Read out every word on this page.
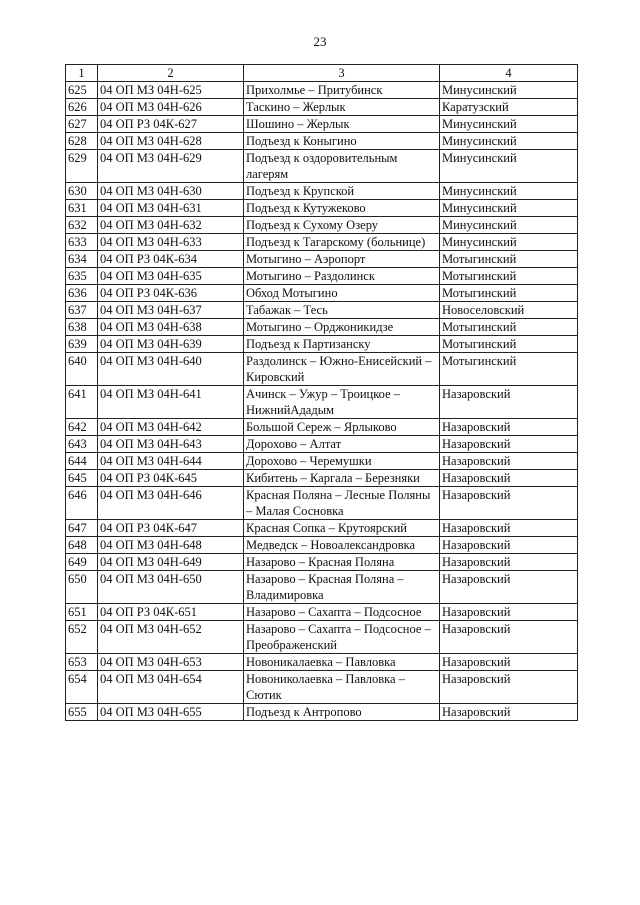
23
1	2	3	4
625	04 ОП МЗ 04Н-625	Прихолмье – Притубинск	Минусинский
626	04 ОП МЗ 04Н-626	Таскино – Жерлык	Каратузский
627	04 ОП РЗ 04К-627	Шошино – Жерлык	Минусинский
628	04 ОП МЗ 04Н-628	Подъезд к Коныгино	Минусинский
629	04 ОП МЗ 04Н-629	Подъезд к оздоровительным лагерям	Минусинский
630	04 ОП МЗ 04Н-630	Подъезд к Крупской	Минусинский
631	04 ОП МЗ 04Н-631	Подъезд к Кутужеково	Минусинский
632	04 ОП МЗ 04Н-632	Подъезд к Сухому Озеру	Минусинский
633	04 ОП МЗ 04Н-633	Подъезд к Тагарскому (больнице)	Минусинский
634	04 ОП РЗ 04К-634	Мотыгино – Аэропорт	Мотыгинский
635	04 ОП МЗ 04Н-635	Мотыгино – Раздолинск	Мотыгинский
636	04 ОП РЗ 04К-636	Обход Мотыгино	Мотыгинский
637	04 ОП МЗ 04Н-637	Табажак – Тесь	Новоселовский
638	04 ОП МЗ 04Н-638	Мотыгино – Орджоникидзе	Мотыгинский
639	04 ОП МЗ 04Н-639	Подъезд к Партизанску	Мотыгинский
640	04 ОП МЗ 04Н-640	Раздолинск – Южно-Енисейский – Кировский	Мотыгинский
641	04 ОП МЗ 04Н-641	Ачинск – Ужур – Троицкое – НижнийАдадым	Назаровский
642	04 ОП МЗ 04Н-642	Большой Сереж – Ярлыково	Назаровский
643	04 ОП МЗ 04Н-643	Дорохово – Алтат	Назаровский
644	04 ОП МЗ 04Н-644	Дорохово – Черемушки	Назаровский
645	04 ОП РЗ 04К-645	Кибитень – Каргала – Березняки	Назаровский
646	04 ОП МЗ 04Н-646	Красная Поляна – Лесные Поляны – Малая Сосновка	Назаровский
647	04 ОП РЗ 04К-647	Красная Сопка – Крутоярский	Назаровский
648	04 ОП МЗ 04Н-648	Медведск – Новоалександровка	Назаровский
649	04 ОП МЗ 04Н-649	Назарово – Красная Поляна	Назаровский
650	04 ОП МЗ 04Н-650	Назарово – Красная Поляна – Владимировка	Назаровский
651	04 ОП РЗ 04К-651	Назарово – Сахапта – Подсосное	Назаровский
652	04 ОП МЗ 04Н-652	Назарово – Сахапта – Подсосное – Преображенский	Назаровский
653	04 ОП МЗ 04Н-653	Новоникалаевка – Павловка	Назаровский
654	04 ОП МЗ 04Н-654	Новониколаевка – Павловка – Сютик	Назаровский
655	04 ОП МЗ 04Н-655	Подъезд к Антропово	Назаровский
